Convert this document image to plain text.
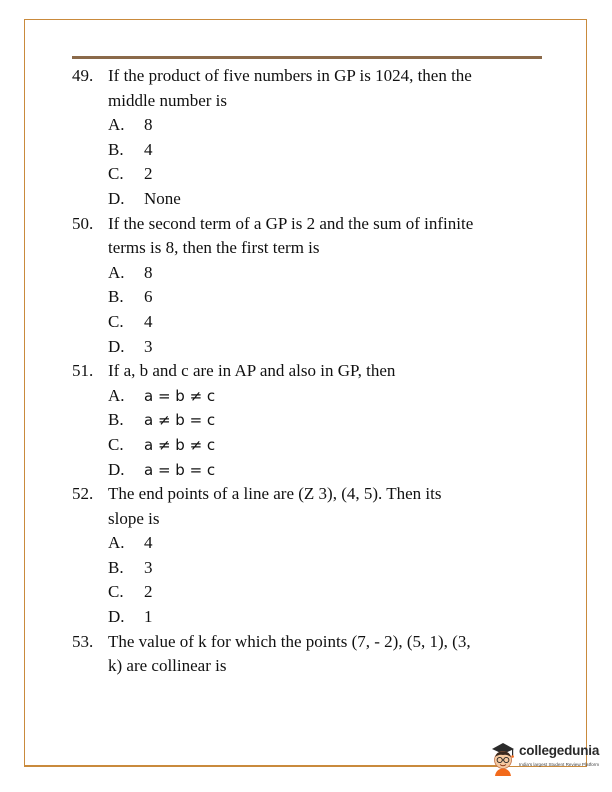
49. If the product of five numbers in GP is 1024, then the
middle number is
A. 8
B. 4
C. 2
D. None
50. If the second term of a GP is 2 and the sum of infinite
terms is 8, then the first term is
A. 8
B. 6
C. 4
D. 3
51. If a, b and c are in AP and also in GP, then
A. a = b ≠ c
B. a ≠ b = c
C. a ≠ b ≠ c
D. a = b = c
52. The end points of a line are (Z 3), (4, 5). Then its
slope is
A. 4
B. 3
C. 2
D. 1
53. The value of k for which the points (7, - 2), (5, 1), (3,
k) are collinear is
collegedunia
India's largest Student Review Platform
